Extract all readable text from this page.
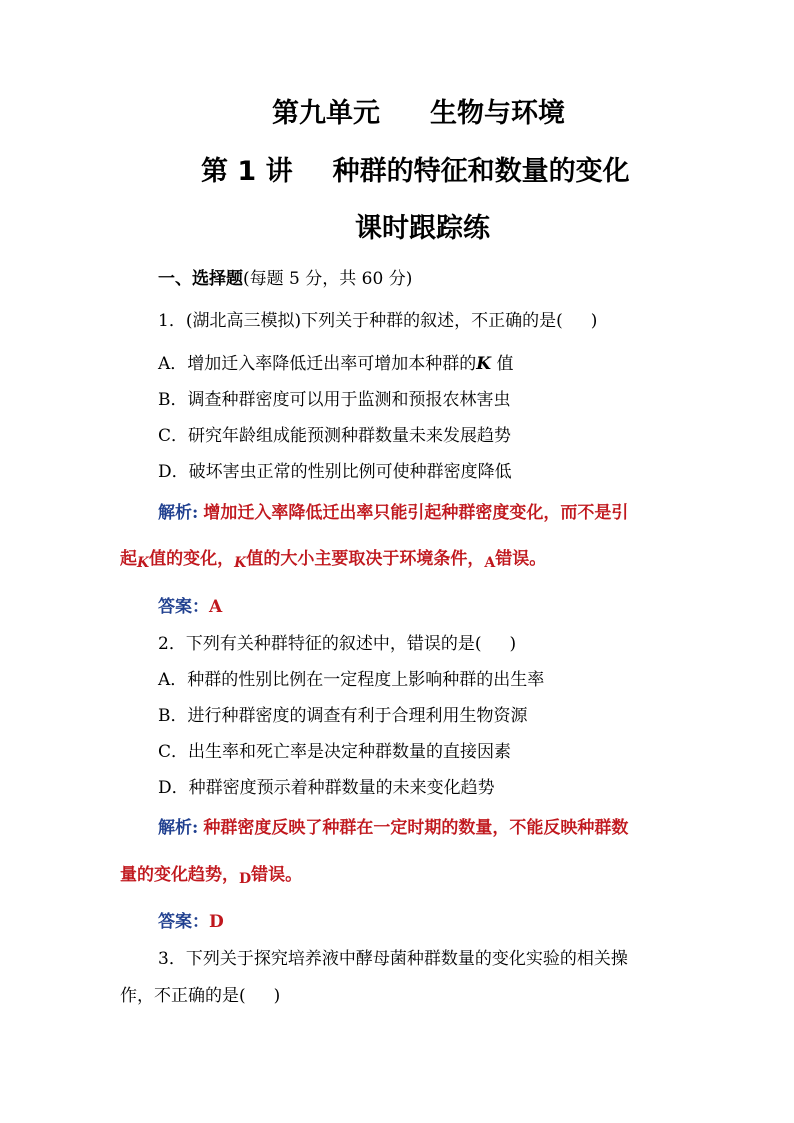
第九单元 生物与环境
第 1 讲 种群的特征和数量的变化
课时跟踪练
一、选择题(每题 5 分，共 60 分)
1．(湖北高三模拟)下列关于种群的叙述，不正确的是( )
A．增加迁入率降低迁出率可增加本种群的K 值
B．调查种群密度可以用于监测和预报农林害虫
C．研究年龄组成能预测种群数量未来发展趋势
D．破坏害虫正常的性别比例可使种群密度降低
解析: 增加迁入率降低迁出率只能引起种群密度变化，而不是引
起K值的变化，K值的大小主要取决于环境条件，A错误。
答案：A
2．下列有关种群特征的叙述中，错误的是( )
A．种群的性别比例在一定程度上影响种群的出生率
B．进行种群密度的调查有利于合理利用生物资源
C．出生率和死亡率是决定种群数量的直接因素
D．种群密度预示着种群数量的未来变化趋势
解析: 种群密度反映了种群在一定时期的数量，不能反映种群数
量的变化趋势，D错误。
答案：D
3．下列关于探究培养液中酵母菌种群数量的变化实验的相关操
作，不正确的是( )
